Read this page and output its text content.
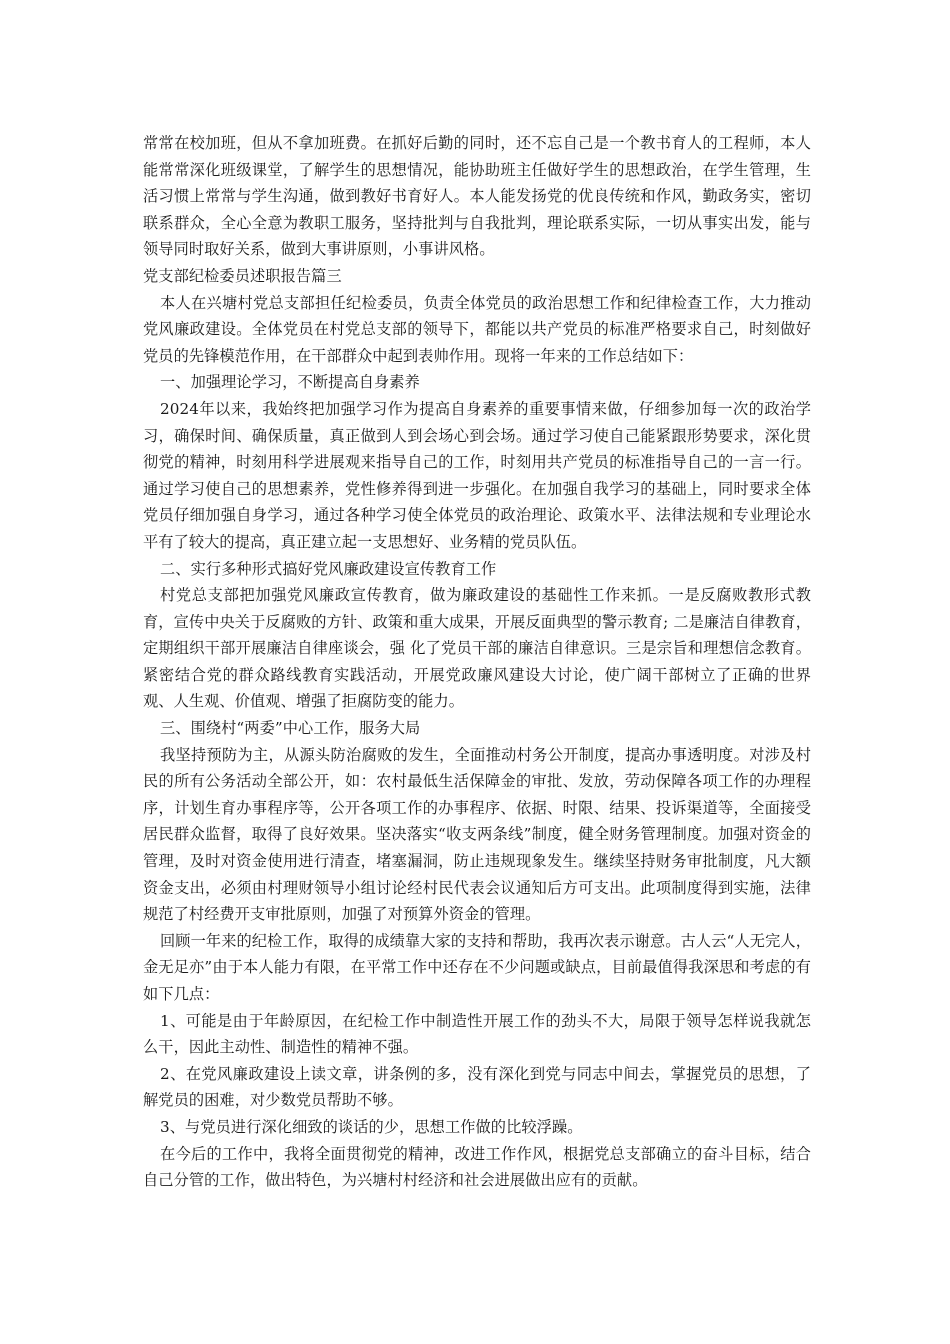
常常在校加班，但从不拿加班费。在抓好后勤的同时，还不忘自己是一个教书育人的工程师，本人能常常深化班级课堂，了解学生的思想情况，能协助班主任做好学生的思想政治，在学生管理，生活习惯上常常与学生沟通，做到教好书育好人。本人能发扬党的优良传统和作风，勤政务实，密切联系群众，全心全意为教职工服务，坚持批判与自我批判，理论联系实际，一切从事实出发，能与领导同时取好关系，做到大事讲原则，小事讲风格。

党支部纪检委员述职报告篇三

本人在兴塘村党总支部担任纪检委员，负责全体党员的政治思想工作和纪律检查工作，大力推动党风廉政建设。全体党员在村党总支部的领导下，都能以共产党员的标准严格要求自己，时刻做好党员的先锋模范作用，在干部群众中起到表帅作用。现将一年来的工作总结如下：

一、加强理论学习，不断提高自身素养

2024年以来，我始终把加强学习作为提高自身素养的重要事情来做，仔细参加每一次的政治学习，确保时间、确保质量，真正做到人到会场心到会场。通过学习使自己能紧跟形势要求，深化贯彻党的精神，时刻用科学进展观来指导自己的工作，时刻用共产党员的标准指导自己的一言一行。通过学习使自己的思想素养，党性修养得到进一步强化。在加强自我学习的基础上，同时要求全体党员仔细加强自身学习，通过各种学习使全体党员的政治理论、政策水平、法律法规和专业理论水平有了较大的提高，真正建立起一支思想好、业务精的党员队伍。

二、实行多种形式搞好党风廉政建设宣传教育工作

村党总支部把加强党风廉政宣传教育，做为廉政建设的基础性工作来抓。一是反腐败教形式教育，宣传中央关于反腐败的方针、政策和重大成果，开展反面典型的警示教育; 二是廉洁自律教育，定期组织干部开展廉洁自律座谈会，强 化了党员干部的廉洁自律意识。三是宗旨和理想信念教育。紧密结合党的群众路线教育实践活动，开展党政廉风建设大讨论，使广阔干部树立了正确的世界观、人生观、价值观、增强了拒腐防变的能力。

三、围绕村“两委”中心工作，服务大局

我坚持预防为主，从源头防治腐败的发生，全面推动村务公开制度，提高办事透明度。对涉及村民的所有公务活动全部公开，如：农村最低生活保障金的审批、发放，劳动保障各项工作的办理程序，计划生育办事程序等，公开各项工作的办事程序、依据、时限、结果、投诉渠道等，全面接受居民群众监督，取得了良好效果。坚决落实“收支两条线”制度，健全财务管理制度。加强对资金的管理，及时对资金使用进行清查，堵塞漏洞，防止违规现象发生。继续坚持财务审批制度，凡大额资金支出，必须由村理财领导小组讨论经村民代表会议通知后方可支出。此项制度得到实施，法律规范了村经费开支审批原则，加强了对预算外资金的管理。

回顾一年来的纪检工作，取得的成绩靠大家的支持和帮助，我再次表示谢意。古人云“人无完人，金无足亦”由于本人能力有限，在平常工作中还存在不少问题或缺点，目前最值得我深思和考虑的有如下几点：

1、可能是由于年龄原因，在纪检工作中制造性开展工作的劲头不大，局限于领导怎样说我就怎么干，因此主动性、制造性的精神不强。

2、在党风廉政建设上读文章，讲条例的多，没有深化到党与同志中间去，掌握党员的思想，了解党员的困难，对少数党员帮助不够。

3、与党员进行深化细致的谈话的少，思想工作做的比较浮躁。

在今后的工作中，我将全面贯彻党的精神，改进工作作风，根据党总支部确立的奋斗目标，结合自己分管的工作，做出特色，为兴塘村村经济和社会进展做出应有的贡献。
